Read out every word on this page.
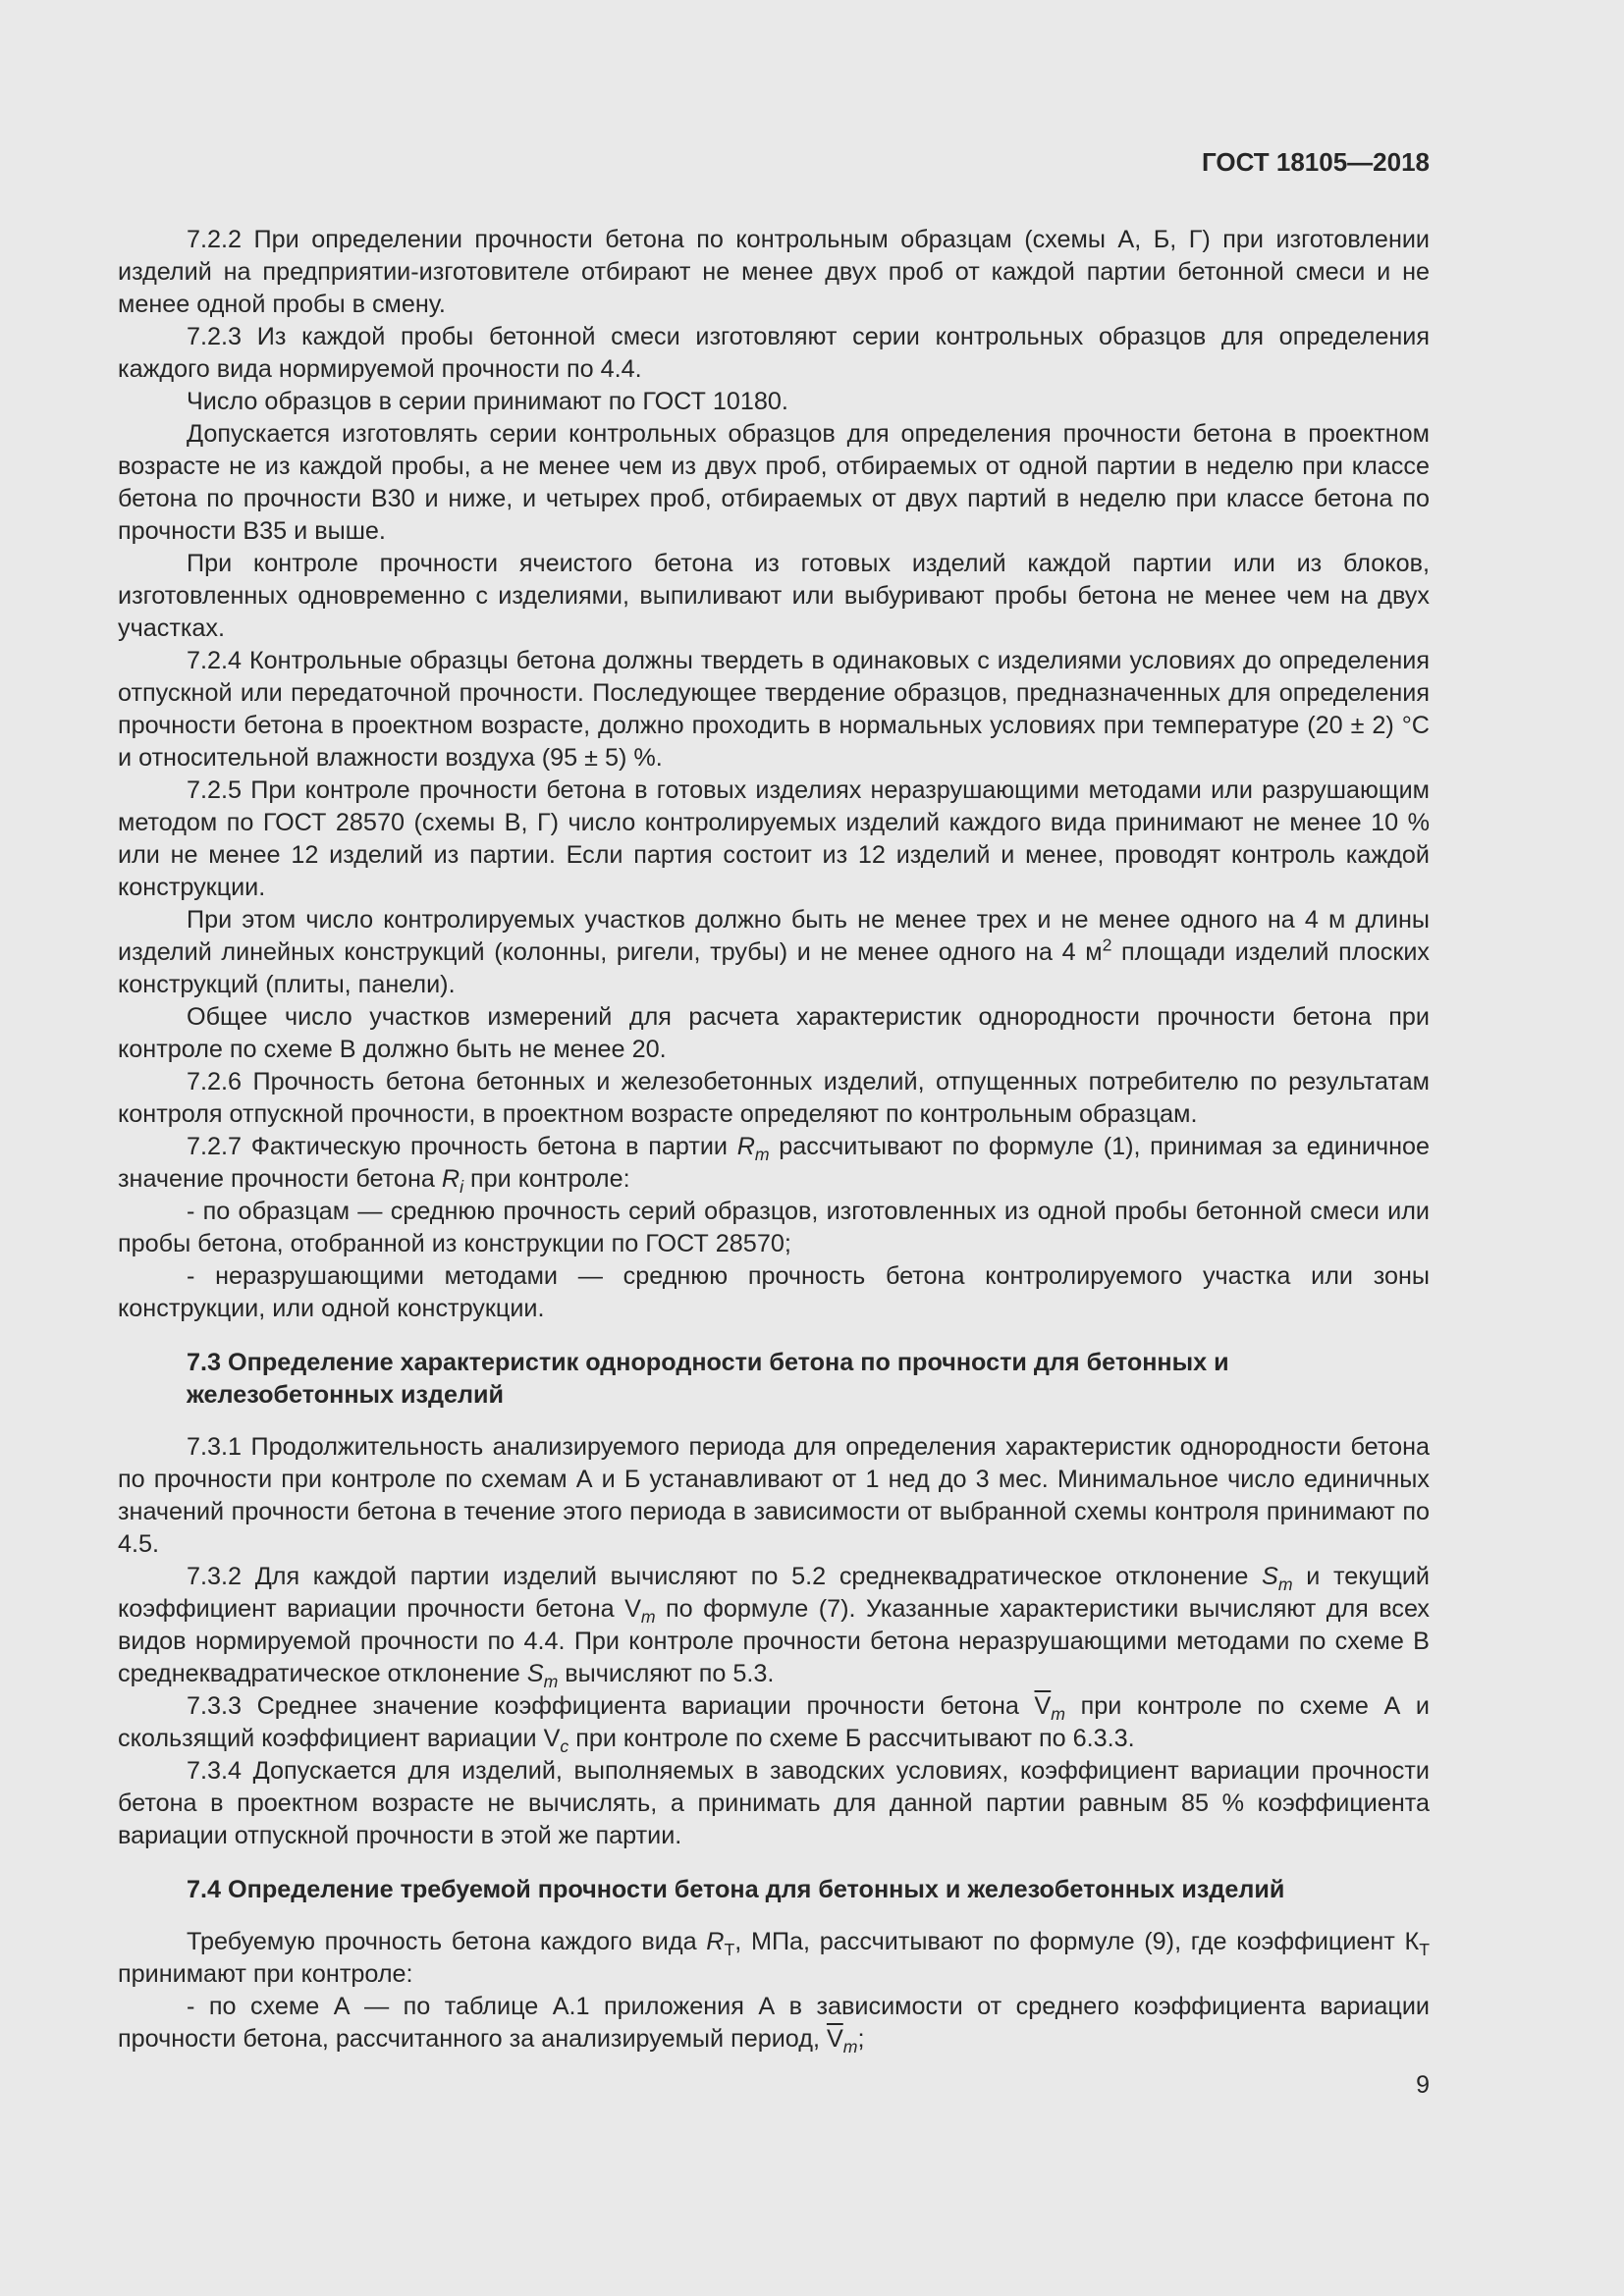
ГОСТ 18105—2018

7.2.2 При определении прочности бетона по контрольным образцам (схемы А, Б, Г) при изготовлении изделий на предприятии-изготовителе отбирают не менее двух проб от каждой партии бетонной смеси и не менее одной пробы в смену.

7.2.3 Из каждой пробы бетонной смеси изготовляют серии контрольных образцов для определения каждого вида нормируемой прочности по 4.4.

Число образцов в серии принимают по ГОСТ 10180.

Допускается изготовлять серии контрольных образцов для определения прочности бетона в проектном возрасте не из каждой пробы, а не менее чем из двух проб, отбираемых от одной партии в неделю при классе бетона по прочности В30 и ниже, и четырех проб, отбираемых от двух партий в неделю при классе бетона по прочности В35 и выше.

При контроле прочности ячеистого бетона из готовых изделий каждой партии или из блоков, изготовленных одновременно с изделиями, выпиливают или выбуривают пробы бетона не менее чем на двух участках.

7.2.4 Контрольные образцы бетона должны твердеть в одинаковых с изделиями условиях до определения отпускной или передаточной прочности. Последующее твердение образцов, предназначенных для определения прочности бетона в проектном возрасте, должно проходить в нормальных условиях при температуре (20 ± 2) °С и относительной влажности воздуха (95 ± 5) %.

7.2.5 При контроле прочности бетона в готовых изделиях неразрушающими методами или разрушающим методом по ГОСТ 28570 (схемы В, Г) число контролируемых изделий каждого вида принимают не менее 10 % или не менее 12 изделий из партии. Если партия состоит из 12 изделий и менее, проводят контроль каждой конструкции.

При этом число контролируемых участков должно быть не менее трех и не менее одного на 4 м длины изделий линейных конструкций (колонны, ригели, трубы) и не менее одного на 4 $м^2$ площади изделий плоских конструкций (плиты, панели).

Общее число участков измерений для расчета характеристик однородности прочности бетона при контроле по схеме В должно быть не менее 20.

7.2.6 Прочность бетона бетонных и железобетонных изделий, отпущенных потребителю по результатам контроля отпускной прочности, в проектном возрасте определяют по контрольным образцам.

7.2.7 Фактическую прочность бетона в партии $R_m$ рассчитывают по формуле (1), принимая за единичное значение прочности бетона $R_i$ при контроле:

- по образцам — среднюю прочность серий образцов, изготовленных из одной пробы бетонной смеси или пробы бетона, отобранной из конструкции по ГОСТ 28570;

- неразрушающими методами — среднюю прочность бетона контролируемого участка или зоны конструкции, или одной конструкции.

7.3 Определение характеристик однородности бетона по прочности для бетонных и железобетонных изделий

7.3.1 Продолжительность анализируемого периода для определения характеристик однородности бетона по прочности при контроле по схемам А и Б устанавливают от 1 нед до 3 мес. Минимальное число единичных значений прочности бетона в течение этого периода в зависимости от выбранной схемы контроля принимают по 4.5.

7.3.2 Для каждой партии изделий вычисляют по 5.2 среднеквадратическое отклонение $S_m$ и текущий коэффициент вариации прочности бетона $V_m$ по формуле (7). Указанные характеристики вычисляют для всех видов нормируемой прочности по 4.4. При контроле прочности бетона неразрушающими методами по схеме В среднеквадратическое отклонение $S_m$ вычисляют по 5.3.

7.3.3 Среднее значение коэффициента вариации прочности бетона $\overline{V}_m$ при контроле по схеме А и скользящий коэффициент вариации $V_c$ при контроле по схеме Б рассчитывают по 6.3.3.

7.3.4 Допускается для изделий, выполняемых в заводских условиях, коэффициент вариации прочности бетона в проектном возрасте не вычислять, а принимать для данной партии равным 85 % коэффициента вариации отпускной прочности в этой же партии.

7.4 Определение требуемой прочности бетона для бетонных и железобетонных изделий

Требуемую прочность бетона каждого вида $R_Т$, МПа, рассчитывают по формуле (9), где коэффициент $К_Т$ принимают при контроле:

- по схеме А — по таблице А.1 приложения А в зависимости от среднего коэффициента вариации прочности бетона, рассчитанного за анализируемый период, $\overline{V}_m$;

9
